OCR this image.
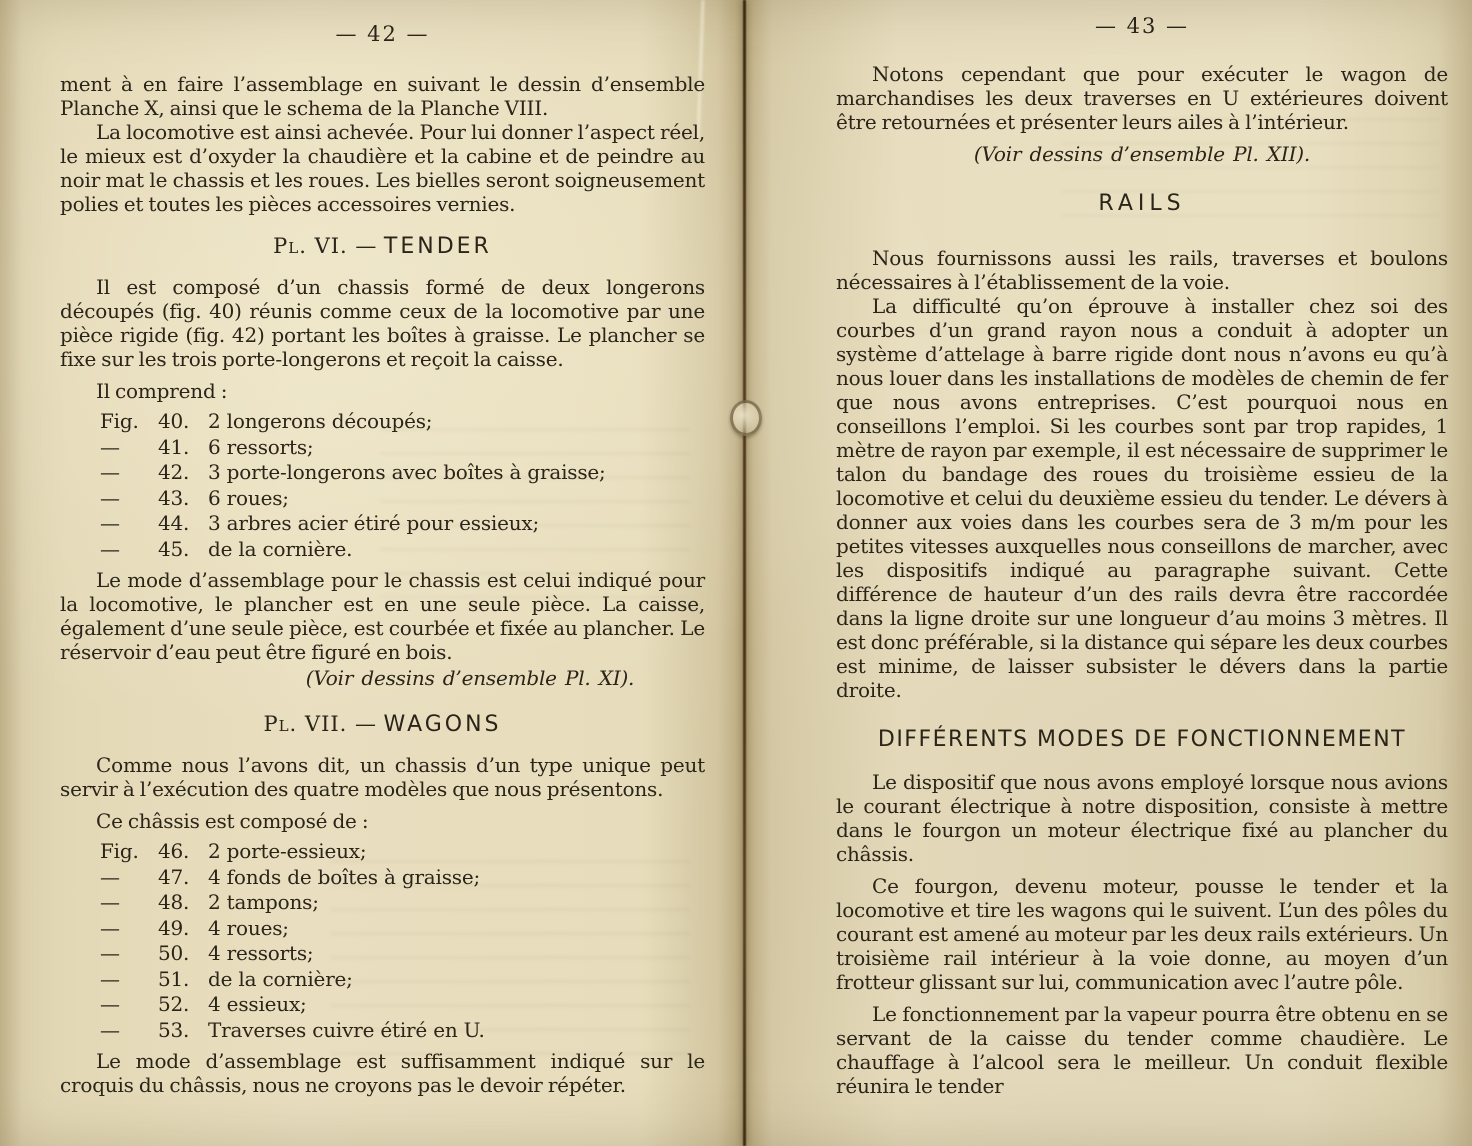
— 42 —

ment à en faire l’assemblage en suivant le dessin d’ensemble Planche X, ainsi que le schema de la Planche VIII.

La locomotive est ainsi achevée. Pour lui donner l’aspect réel, le mieux est d’oxyder la chaudière et la cabine et de peindre au noir mat le chassis et les roues. Les bielles seront soigneusement polies et toutes les pièces accessoires vernies.

Pl. VI. — TENDER

Il est composé d’un chassis formé de deux longerons découpés (fig. 40) réunis comme ceux de la locomotive par une pièce rigide (fig. 42) portant les boîtes à graisse. Le plancher se fixe sur les trois porte-longerons et reçoit la caisse.

Il comprend :

Fig. 40. 2 longerons découpés;
—	41. 6 ressorts;
—	42. 3 porte-longerons avec boîtes à graisse;
—	43. 6 roues;
—	44. 3 arbres acier étiré pour essieux;
—	45. de la cornière.

Le mode d’assemblage pour le chassis est celui indiqué pour la locomotive, le plancher est en une seule pièce. La caisse, également d’une seule pièce, est courbée et fixée au plancher. Le réservoir d’eau peut être figuré en bois.

(Voir dessins d’ensemble Pl. XI).

Pl. VII. — WAGONS

Comme nous l’avons dit, un chassis d’un type unique peut servir à l’exécution des quatre modèles que nous présentons.

Ce châssis est composé de :

Fig. 46. 2 porte-essieux;
—	47. 4 fonds de boîtes à graisse;
—	48. 2 tampons;
—	49. 4 roues;
—	50. 4 ressorts;
—	51. de la cornière;
—	52. 4 essieux;
—	53. Traverses cuivre étiré en U.

Le mode d’assemblage est suffisamment indiqué sur le croquis du châssis, nous ne croyons pas le devoir répéter.

— 43 —

Notons cependant que pour exécuter le wagon de marchandises les deux traverses en U extérieures doivent être retournées et présenter leurs ailes à l’intérieur.

(Voir dessins d’ensemble Pl. XII).

RAILS

Nous fournissons aussi les rails, traverses et boulons nécessaires à l’établissement de la voie.

La difficulté qu’on éprouve à installer chez soi des courbes d’un grand rayon nous a conduit à adopter un système d’attelage à barre rigide dont nous n’avons eu qu’à nous louer dans les installations de modèles de chemin de fer que nous avons entreprises. C’est pourquoi nous en conseillons l’emploi. Si les courbes sont par trop rapides, 1 mètre de rayon par exemple, il est nécessaire de supprimer le talon du bandage des roues du troisième essieu de la locomotive et celui du deuxième essieu du tender. Le dévers à donner aux voies dans les courbes sera de 3 m/m pour les petites vitesses auxquelles nous conseillons de marcher, avec les dispositifs indiqué au paragraphe suivant. Cette différence de hauteur d’un des rails devra être raccordée dans la ligne droite sur une longueur d’au moins 3 mètres. Il est donc préférable, si la distance qui sépare les deux courbes est minime, de laisser subsister le dévers dans la partie droite.

DIFFÉRENTS MODES DE FONCTIONNEMENT

Le dispositif que nous avons employé lorsque nous avions le courant électrique à notre disposition, consiste à mettre dans le fourgon un moteur électrique fixé au plancher du châssis.

Ce fourgon, devenu moteur, pousse le tender et la locomotive et tire les wagons qui le suivent. L’un des pôles du courant est amené au moteur par les deux rails extérieurs. Un troisième rail intérieur à la voie donne, au moyen d’un frotteur glissant sur lui, communication avec l’autre pôle.

Le fonctionnement par la vapeur pourra être obtenu en se servant de la caisse du tender comme chaudière. Le chauffage à l’alcool sera le meilleur. Un conduit flexible réunira le tender
